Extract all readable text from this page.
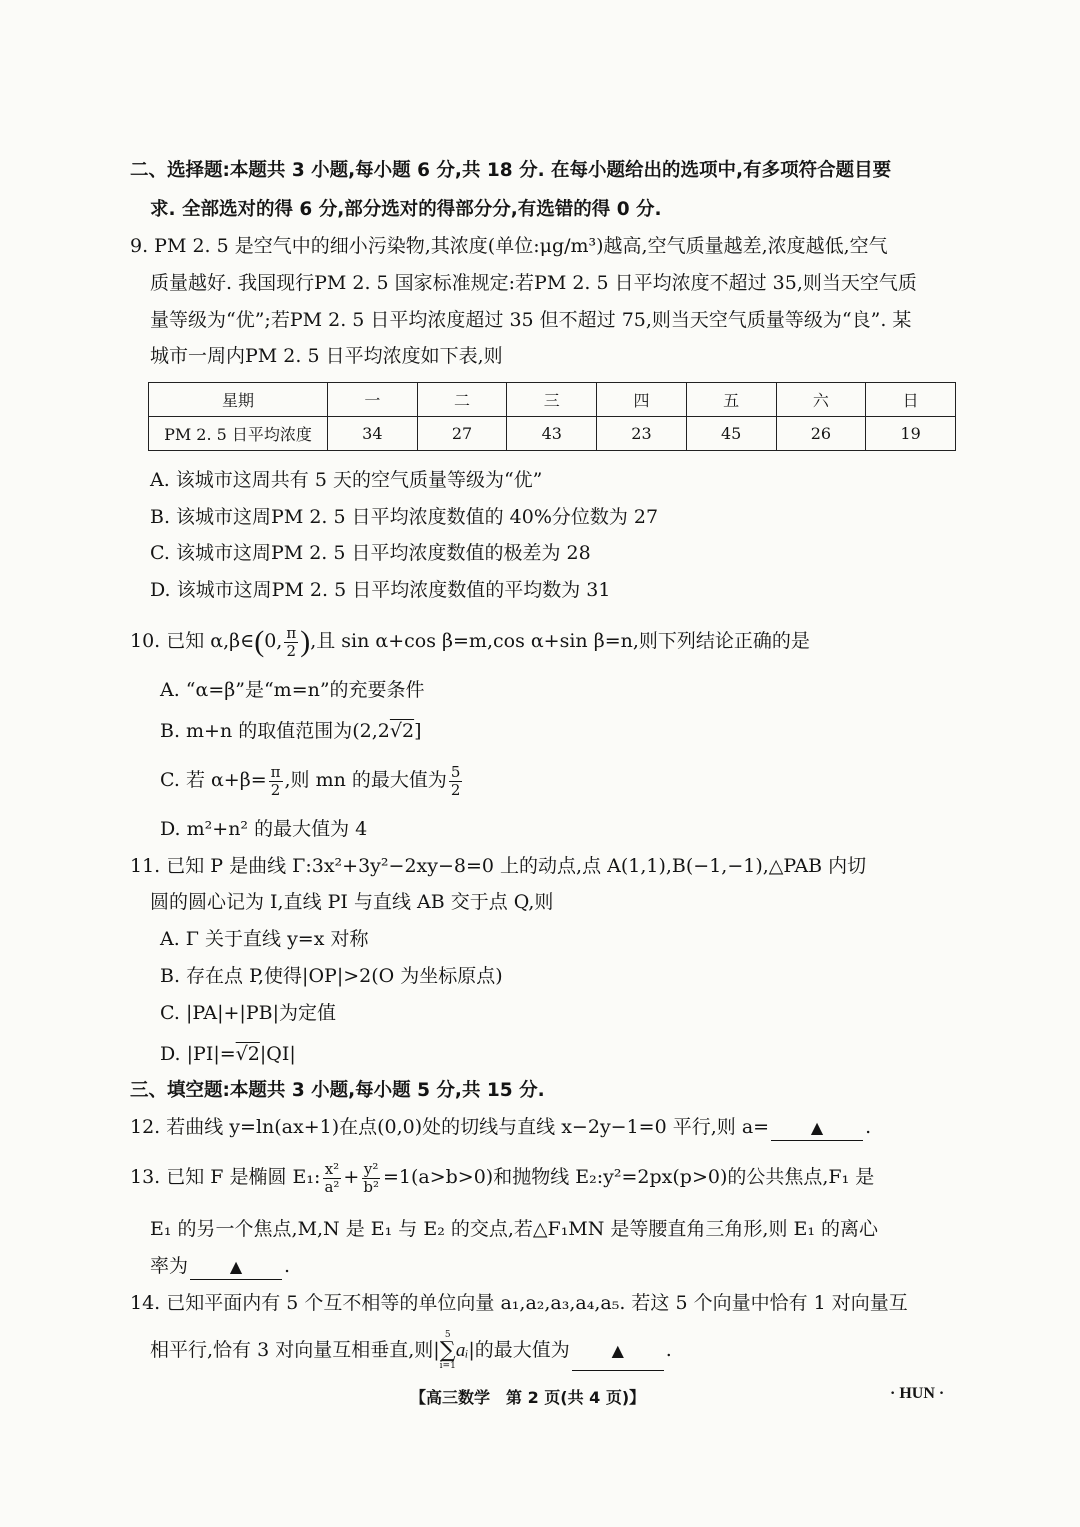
二、选择题:本题共 3 小题,每小题 6 分,共 18 分. 在每小题给出的选项中,有多项符合题目要
求. 全部选对的得 6 分,部分选对的得部分分,有选错的得 0 分.
9. PM 2. 5 是空气中的细小污染物,其浓度(单位:μg/m³)越高,空气质量越差,浓度越低,空气
质量越好. 我国现行PM 2. 5 国家标准规定:若PM 2. 5 日平均浓度不超过 35,则当天空气质
量等级为“优”;若PM 2. 5 日平均浓度超过 35 但不超过 75,则当天空气质量等级为“良”. 某
城市一周内PM 2. 5 日平均浓度如下表,则
星期	一	二	三	四	五	六	日
PM 2. 5 日平均浓度	34	27	43	23	45	26	19
A. 该城市这周共有 5 天的空气质量等级为“优”
B. 该城市这周PM 2. 5 日平均浓度数值的 40%分位数为 27
C. 该城市这周PM 2. 5 日平均浓度数值的极差为 28
D. 该城市这周PM 2. 5 日平均浓度数值的平均数为 31
10. 已知 α,β∈(0, $\frac{\pi}{2}$ ),且 sin α+cos β=m,cos α+sin β=n,则下列结论正确的是
A. “α=β”是“m=n”的充要条件
B. m+n 的取值范围为(2,2√2]
C. 若 $\alpha+\beta= \frac{\pi}{2}$ ,则 mn 的最大值为 $\frac{5}{2}$
D. m²+n² 的最大值为 4
11. 已知 P 是曲线 Γ:3x²+3y²−2xy−8=0 上的动点,点 A(1,1),B(−1,−1),△PAB 内切
圆的圆心记为 I,直线 PI 与直线 AB 交于点 Q,则
A. Γ 关于直线 y=x 对称
B. 存在点 P,使得|OP|>2(O 为坐标原点)
C. |PA|+|PB|为定值
D. |PI|=√2|QI|
三、填空题:本题共 3 小题,每小题 5 分,共 15 分.
12. 若曲线 y=ln(ax+1)在点(0,0)处的切线与直线 x−2y−1=0 平行,则 a=	▲ .
13. 已知 F 是椭圆 E₁: $\frac{\text{x²}}{\text{a²}} + \frac{\text{y²}}{\text{b²}} =1(a>b>0)$和抛物线 E₂:y²=2px(p>0)的公共焦点,F₁ 是
E₁ 的另一个焦点,M,N 是 E₁ 与 E₂ 的交点,若△F₁MN 是等腰直角三角形,则 E₁ 的离心
率为	▲ .
14. 已知平面内有 5 个互不相等的单位向量 a₁,a₂,a₃,a₄,a₅. 若这 5 个向量中恰有 1 对向量互
相平行,恰有 3 对向量互相垂直,则|
5
∑
i=1
aᵢ|的最大值为	▲ .
【高三数学　第 2 页(共 4 页)】	· HUN ·
